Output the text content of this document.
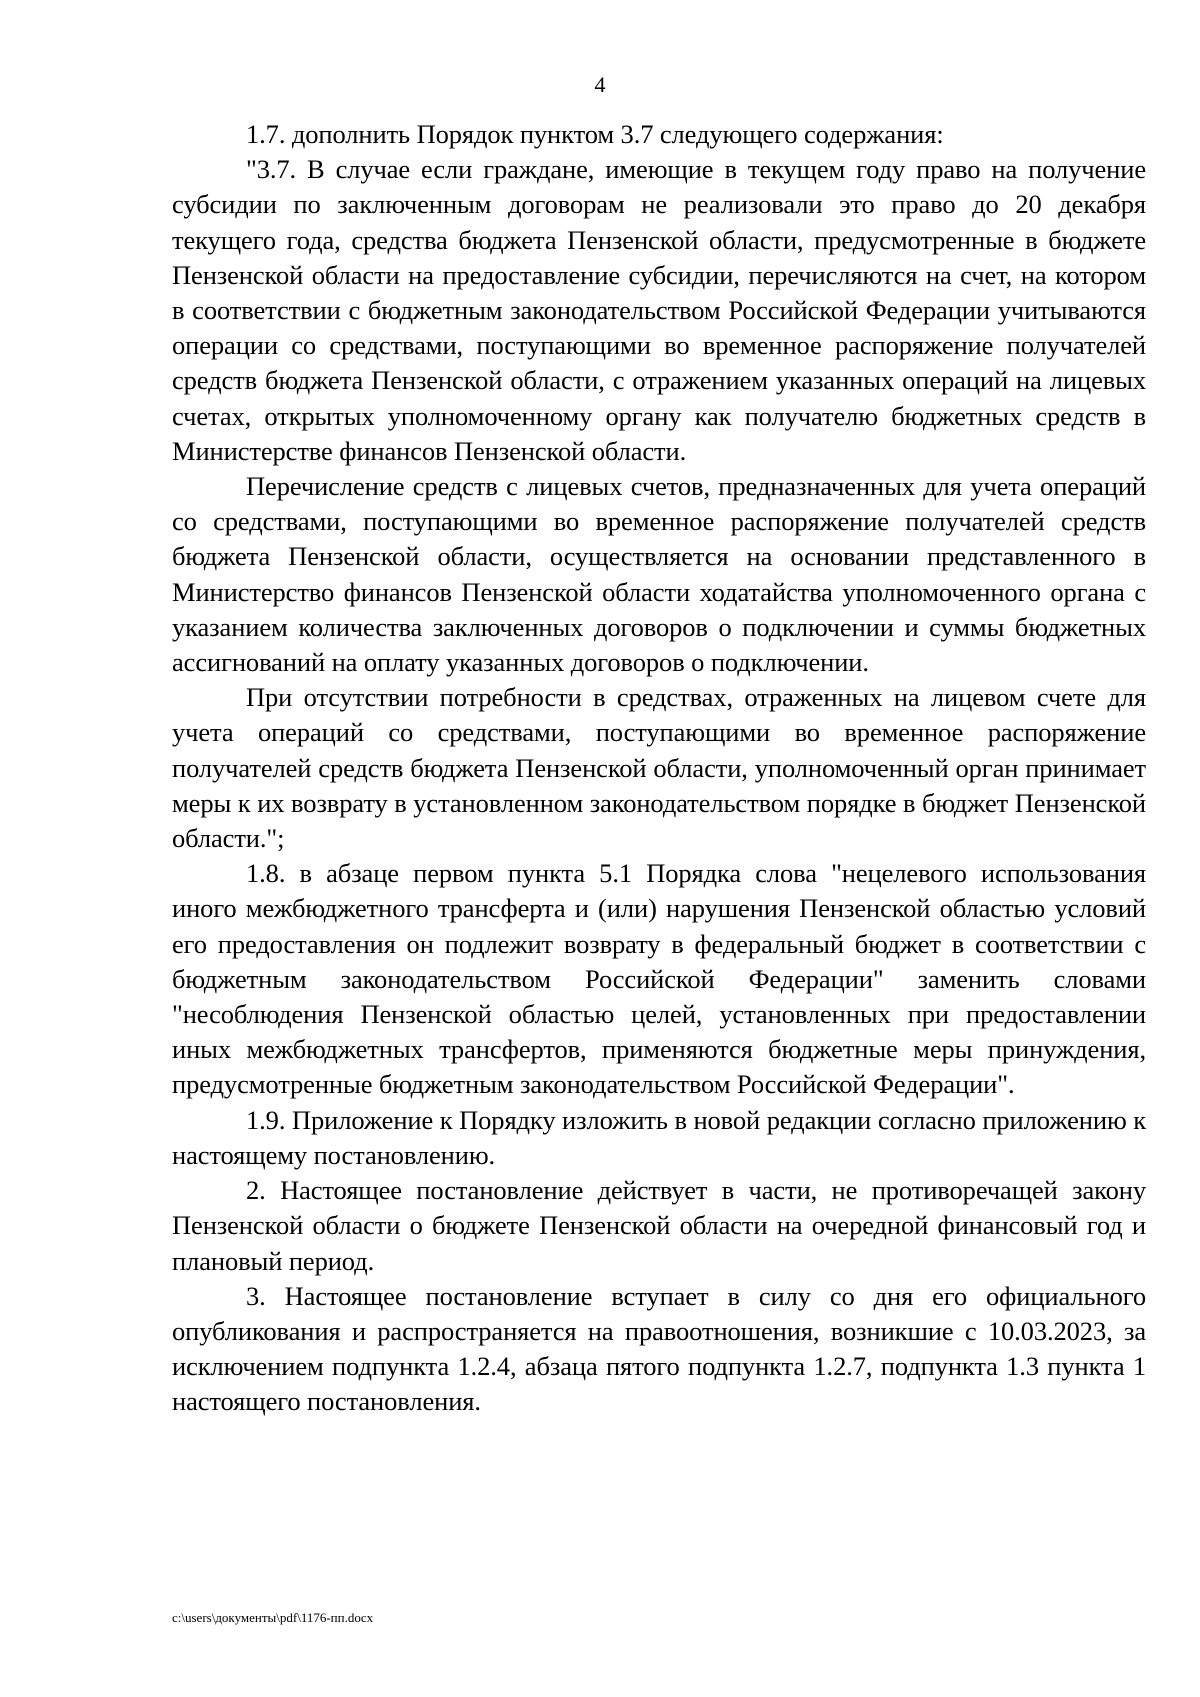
4

1.7. дополнить Порядок пунктом 3.7 следующего содержания:

"3.7. В случае если граждане, имеющие в текущем году право на получение субсидии по заключенным договорам не реализовали это право до 20 декабря текущего года, средства бюджета Пензенской области, предусмотренные в бюджете Пензенской области на предоставление субсидии, перечисляются на счет, на котором в соответствии с бюджетным законодательством Российской Федерации учитываются операции со средствами, поступающими во временное распоряжение получателей средств бюджета Пензенской области, с отражением указанных операций на лицевых счетах, открытых уполномоченному органу как получателю бюджетных средств в Министерстве финансов Пензенской области.

Перечисление средств с лицевых счетов, предназначенных для учета операций со средствами, поступающими во временное распоряжение получателей средств бюджета Пензенской области, осуществляется на основании представленного в Министерство финансов Пензенской области ходатайства уполномоченного органа с указанием количества заключенных договоров о подключении и суммы бюджетных ассигнований на оплату указанных договоров о подключении.

При отсутствии потребности в средствах, отраженных на лицевом счете для учета операций со средствами, поступающими во временное распоряжение получателей средств бюджета Пензенской области, уполномоченный орган принимает меры к их возврату в установленном законодательством порядке в бюджет Пензенской области.";

1.8. в абзаце первом пункта 5.1 Порядка слова "нецелевого использования иного межбюджетного трансферта и (или) нарушения Пензенской областью условий его предоставления он подлежит возврату в федеральный бюджет в соответствии с бюджетным законодательством Российской Федерации" заменить словами "несоблюдения Пензенской областью целей, установленных при предоставлении иных межбюджетных трансфертов, применяются бюджетные меры принуждения, предусмотренные бюджетным законодательством Российской Федерации".

1.9. Приложение к Порядку изложить в новой редакции согласно приложению к настоящему постановлению.

2. Настоящее постановление действует в части, не противоречащей закону Пензенской области о бюджете Пензенской области на очередной финансовый год и плановый период.

3. Настоящее постановление вступает в силу со дня его официального опубликования и распространяется на правоотношения, возникшие с 10.03.2023, за исключением подпункта 1.2.4, абзаца пятого подпункта 1.2.7, подпункта 1.3 пункта 1 настоящего постановления.

c:\users\документы\pdf\1176-пп.docx
